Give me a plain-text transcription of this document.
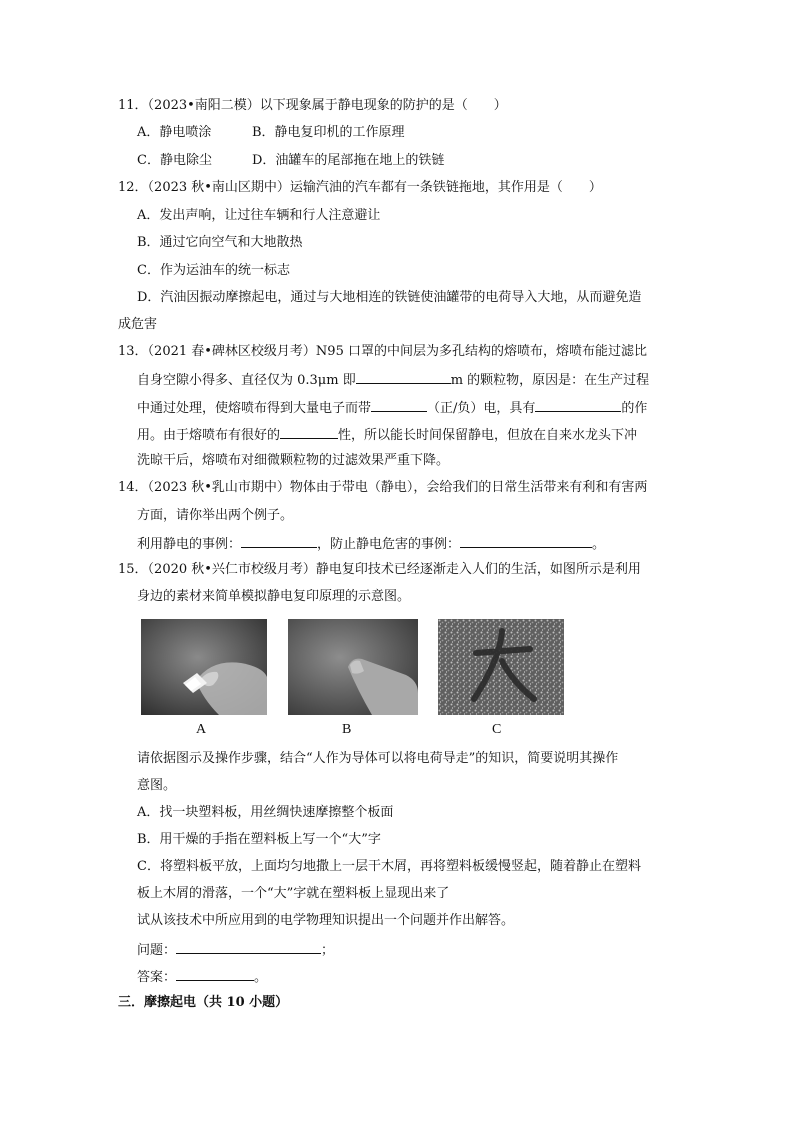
11．（2023•南阳二模）以下现象属于静电现象的防护的是（　　）
A．静电喷涂	B．静电复印机的工作原理
C．静电除尘	D．油罐车的尾部拖在地上的铁链
12．（2023 秋•南山区期中）运输汽油的汽车都有一条铁链拖地，其作用是（　　）
A．发出声响，让过往车辆和行人注意避让
B．通过它向空气和大地散热
C．作为运油车的统一标志
D．汽油因振动摩擦起电，通过与大地相连的铁链使油罐带的电荷导入大地，从而避免造
成危害
13．（2021 春•碑林区校级月考）N95 口罩的中间层为多孔结构的熔喷布，熔喷布能过滤比
自身空隙小得多、直径仅为 0.3μm 即	m 的颗粒物，原因是：在生产过程
中通过处理，使熔喷布得到大量电子而带	（正/负）电，具有	的作
用。由于熔喷布有很好的	性，所以能长时间保留静电，但放在自来水龙头下冲
洗晾干后，熔喷布对细微颗粒物的过滤效果严重下降。
14．（2023 秋•乳山市期中）物体由于带电（静电），会给我们的日常生活带来有利和有害两
方面，请你举出两个例子。
利用静电的事例：	，防止静电危害的事例：	。
15．（2020 秋•兴仁市校级月考）静电复印技术已经逐渐走入人们的生活，如图所示是利用
身边的素材来简单模拟静电复印原理的示意图。
A	B	C
请依据图示及操作步骤，结合“人作为导体可以将电荷导走”的知识，简要说明其操作
意图。
A．找一块塑料板，用丝绸快速摩擦整个板面
B．用干燥的手指在塑料板上写一个“大”字
C．将塑料板平放，上面均匀地撒上一层干木屑，再将塑料板缓慢竖起，随着静止在塑料
板上木屑的滑落，一个“大”字就在塑料板上显现出来了
试从该技术中所应用到的电学物理知识提出一个问题并作出解答。
问题：	；
答案：	。
三．摩擦起电（共 10 小题）
